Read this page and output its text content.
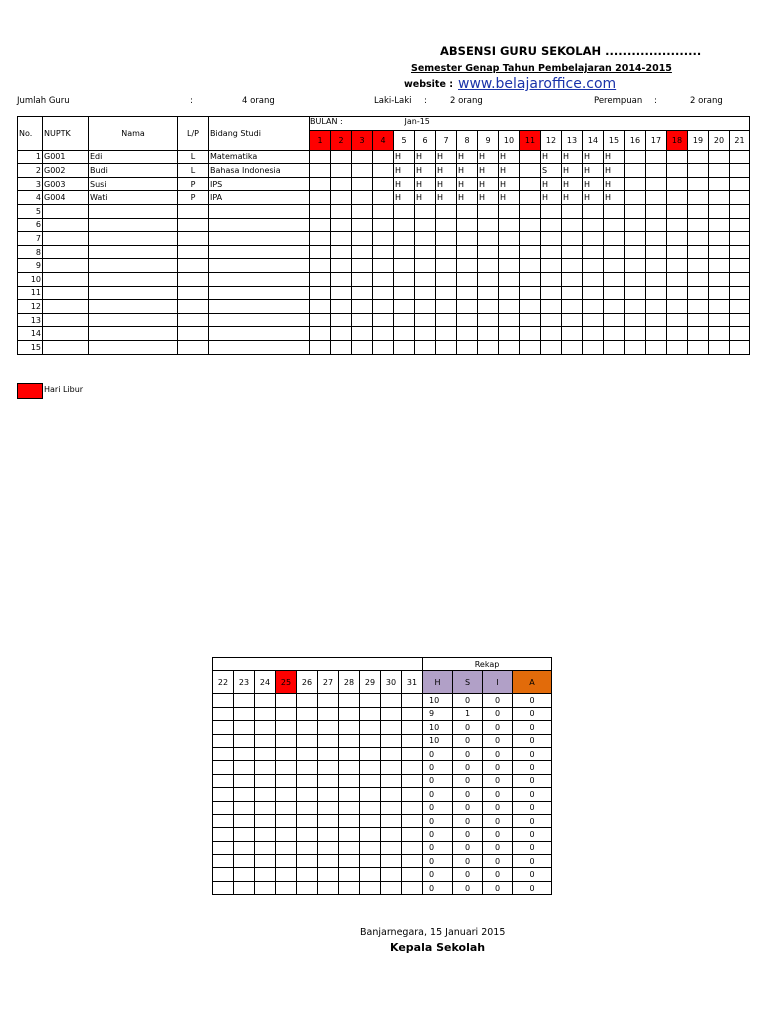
ABSENSI GURU SEKOLAH ......................
Semester Genap Tahun Pembelajaran 2014-2015
website : www.belajaroffice.com
Jumlah Guru	:	4 orang	Laki-Laki :	2 orang	Perempuan :	2 orang
No.	NUPTK	Nama	L/P	Bidang Studi	BULAN :				Jan-15																
					1	2	3	4	5	6	7	8	9	10	11	12	13	14	15	16	17	18	19	20	21
1	G001	Edi	L	Matematika					H	H	H	H	H	H		H	H	H	H						
2	G002	Budi	L	Bahasa Indonesia					H	H	H	H	H	H		S	H	H	H						
3	G003	Susi	P	IPS					H	H	H	H	H	H		H	H	H	H						
4	G004	Wati	P	IPA					H	H	H	H	H	H		H	H	H	H						
5																									
6																									
7																									
8																									
9																									
10																									
11																									
12																									
13																									
14																									
15																									
										Rekap			
22	23	24	25	26	27	28	29	30	31	H	S	I	A
										10	0	0	0
										9	1	0	0
										10	0	0	0
										10	0	0	0
										0	0	0	0
										0	0	0	0
										0	0	0	0
										0	0	0	0
										0	0	0	0
										0	0	0	0
										0	0	0	0
										0	0	0	0
										0	0	0	0
										0	0	0	0
										0	0	0	0
Hari Libur
Banjarnegara, 15 Januari 2015
Kepala Sekolah
